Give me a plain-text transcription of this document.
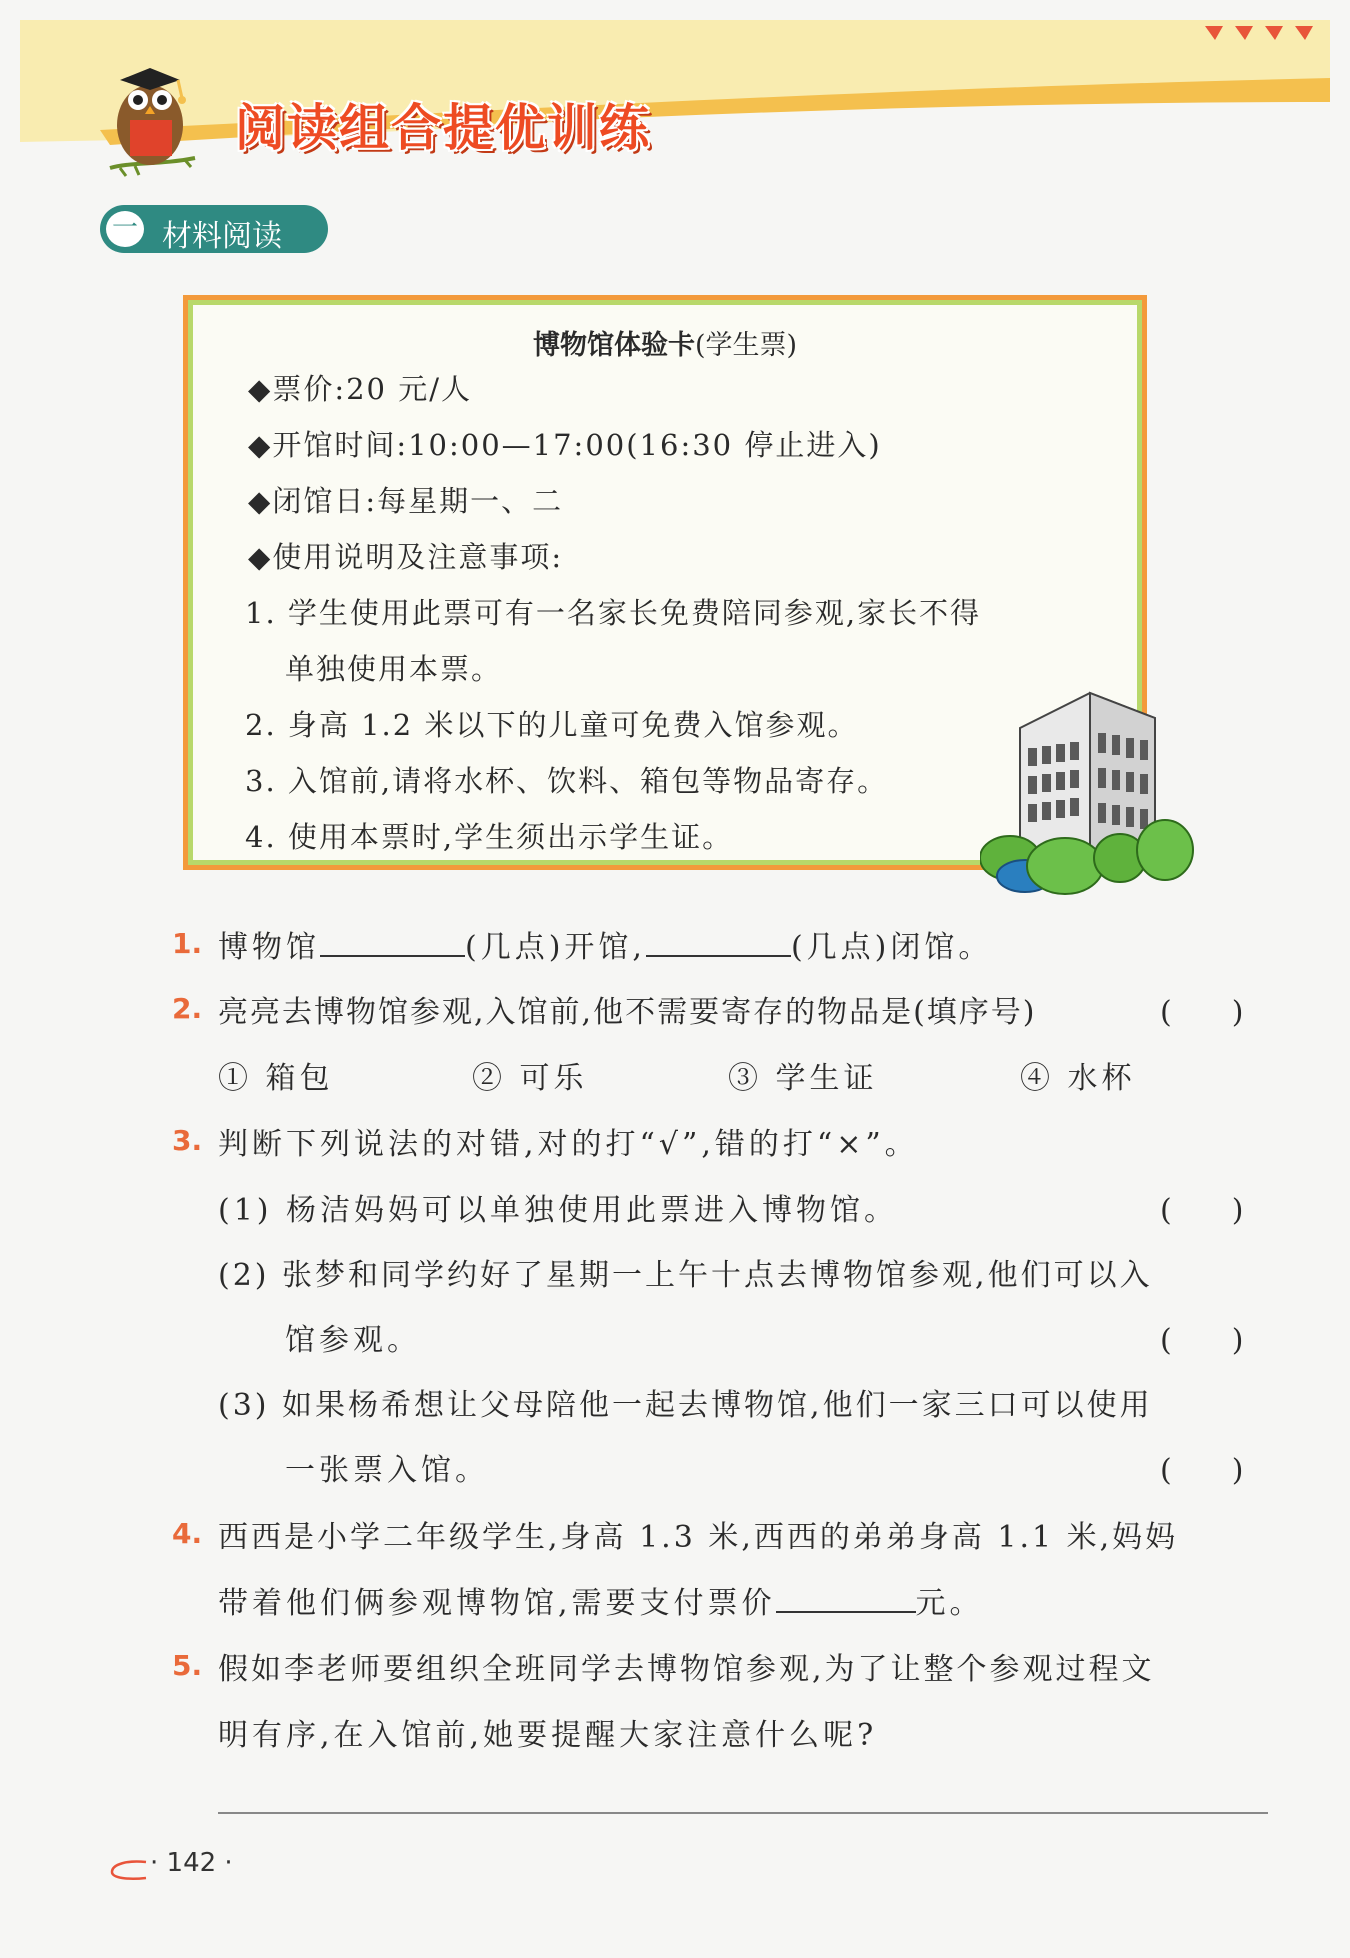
阅读组合提优训练
一 材料阅读
博物馆体验卡(学生票)
◆票价:20 元/人
◆开馆时间:10:00—17:00(16:30 停止进入)
◆闭馆日:每星期一、二
◆使用说明及注意事项:
1. 学生使用此票可有一名家长免费陪同参观,家长不得
单独使用本票。
2. 身高 1.2 米以下的儿童可免费入馆参观。
3. 入馆前,请将水杯、饮料、箱包等物品寄存。
4. 使用本票时,学生须出示学生证。
1. 博物馆	(几点)开馆,	(几点)闭馆。
2. 亮亮去博物馆参观,入馆前,他不需要寄存的物品是(填序号)	(　　)
① 箱包	② 可乐	③ 学生证	④ 水杯
3. 判断下列说法的对错,对的打“√”,错的打“×”。
(1) 杨洁妈妈可以单独使用此票进入博物馆。	(　　)
(2) 张梦和同学约好了星期一上午十点去博物馆参观,他们可以入
馆参观。	(　　)
(3) 如果杨希想让父母陪他一起去博物馆,他们一家三口可以使用
一张票入馆。	(　　)
4. 西西是小学二年级学生,身高 1.3 米,西西的弟弟身高 1.1 米,妈妈
带着他们俩参观博物馆,需要支付票价	元。
5. 假如李老师要组织全班同学去博物馆参观,为了让整个参观过程文
明有序,在入馆前,她要提醒大家注意什么呢?
· 142 ·
